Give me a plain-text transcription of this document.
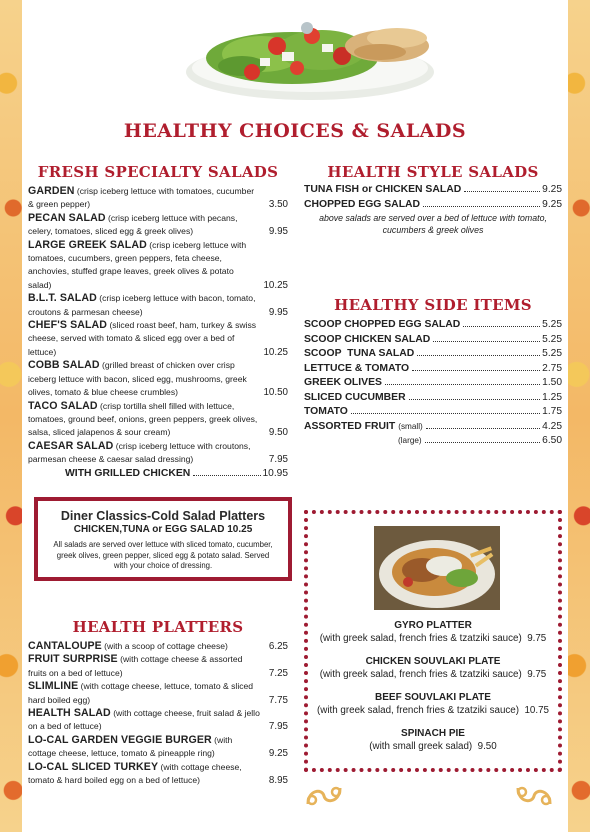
HEALTHY CHOICES & SALADS
FRESH SPECIALTY SALADS
GARDEN (crisp iceberg lettuce with tomatoes, cucumber & green pepper)	3.50
PECAN SALAD (crisp iceberg lettuce with pecans, celery, tomatoes, sliced egg & greek olives)	9.95
LARGE GREEK SALAD (crisp iceberg lettuce with tomatoes, cucumbers, green peppers, feta cheese, anchovies, stuffed grape leaves, greek olives & potato salad)	10.25
B.L.T. SALAD (crisp iceberg lettuce with bacon, tomato, croutons & parmesan cheese)	9.95
CHEF'S SALAD (sliced roast beef, ham, turkey & swiss cheese, served with tomato & sliced egg over a bed of lettuce)	10.25
COBB SALAD (grilled breast of chicken over crisp iceberg lettuce with bacon, sliced egg, mushrooms, greek olives, tomato & blue cheese crumbles)	10.50
TACO SALAD (crisp tortilla shell filled with lettuce, tomatoes, ground beef, onions, green peppers, greek olives, salsa, sliced jalapenos & sour cream)	9.50
CAESAR SALAD (crisp iceberg lettuce with croutons, parmesan cheese & caesar salad dressing)	7.95
WITH GRILLED CHICKEN	10.95
HEALTH STYLE SALADS
TUNA FISH or CHICKEN SALAD	9.25
CHOPPED EGG SALAD	9.25
above salads are served over a bed of lettuce with tomato, cucumbers & greek olives
HEALTHY SIDE ITEMS
SCOOP CHOPPED EGG SALAD	5.25
SCOOP CHICKEN SALAD	5.25
SCOOP  TUNA SALAD	5.25
LETTUCE & TOMATO	2.75
GREEK OLIVES	1.50
SLICED CUCUMBER	1.25
TOMATO	1.75
ASSORTED FRUIT (small)	4.25
(large)	6.50
Diner Classics-Cold Salad Platters
CHICKEN,TUNA or EGG SALAD 10.25
All salads are served over lettuce with sliced tomato, cucumber, greek olives, green pepper, sliced egg & potato salad. Served with your choice of dressing.
HEALTH PLATTERS
CANTALOUPE (with a scoop of cottage cheese)	6.25
FRUIT SURPRISE (with cottage cheese & assorted fruits on a bed of lettuce)	7.25
SLIMLINE (with cottage cheese, lettuce, tomato & sliced hard boiled egg)	7.75
HEALTH SALAD (with cottage cheese, fruit salad & jello on a bed of lettuce)	7.95
LO-CAL GARDEN VEGGIE BURGER (with cottage cheese, lettuce, tomato & pineapple ring)	9.25
LO-CAL SLICED TURKEY (with cottage cheese, tomato & hard boiled egg on a bed of lettuce)	8.95
GYRO PLATTER
(with greek salad, french fries & tzatziki sauce) 9.75
CHICKEN SOUVLAKI PLATE
(with greek salad, french fries & tzatziki sauce) 9.75
BEEF SOUVLAKI PLATE
(with greek salad, french fries & tzatziki sauce) 10.75
SPINACH PIE
(with small greek salad) 9.50
